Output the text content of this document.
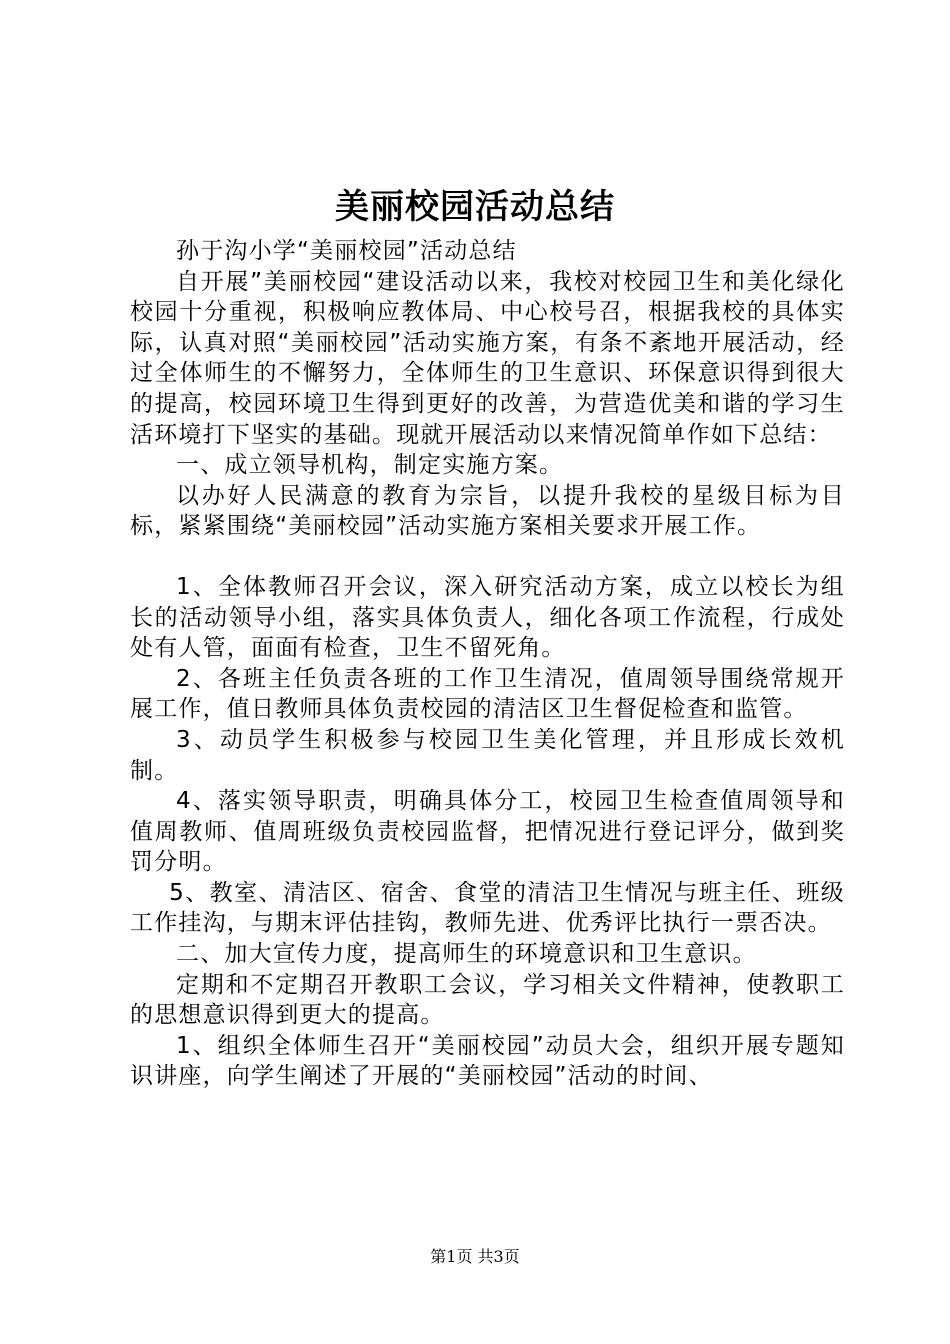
美丽校园活动总结

孙于沟小学“美丽校园”活动总结

自开展”美丽校园“建设活动以来，我校对校园卫生和美化绿化校园十分重视，积极响应教体局、中心校号召，根据我校的具体实际，认真对照“美丽校园”活动实施方案，有条不紊地开展活动，经过全体师生的不懈努力，全体师生的卫生意识、环保意识得到很大的提高，校园环境卫生得到更好的改善，为营造优美和谐的学习生活环境打下坚实的基础。现就开展活动以来情况简单作如下总结：

一、成立领导机构，制定实施方案。

以办好人民满意的教育为宗旨，以提升我校的星级目标为目标，紧紧围绕“美丽校园”活动实施方案相关要求开展工作。

1、全体教师召开会议，深入研究活动方案，成立以校长为组长的活动领导小组，落实具体负责人，细化各项工作流程，行成处处有人管，面面有检查，卫生不留死角。

2、各班主任负责各班的工作卫生清况，值周领导围绕常规开展工作，值日教师具体负责校园的清洁区卫生督促检查和监管。

3、动员学生积极参与校园卫生美化管理，并且形成长效机制。

4、落实领导职责，明确具体分工，校园卫生检查值周领导和值周教师、值周班级负责校园监督，把情况进行登记评分，做到奖罚分明。

5、教室、清洁区、宿舍、食堂的清洁卫生情况与班主任、班级工作挂沟，与期末评估挂钩，教师先进、优秀评比执行一票否决。

二、加大宣传力度，提高师生的环境意识和卫生意识。

定期和不定期召开教职工会议，学习相关文件精神，使教职工的思想意识得到更大的提高。

1、组织全体师生召开“美丽校园”动员大会，组织开展专题知识讲座，向学生阐述了开展的“美丽校园”活动的时间、

第1页 共3页
